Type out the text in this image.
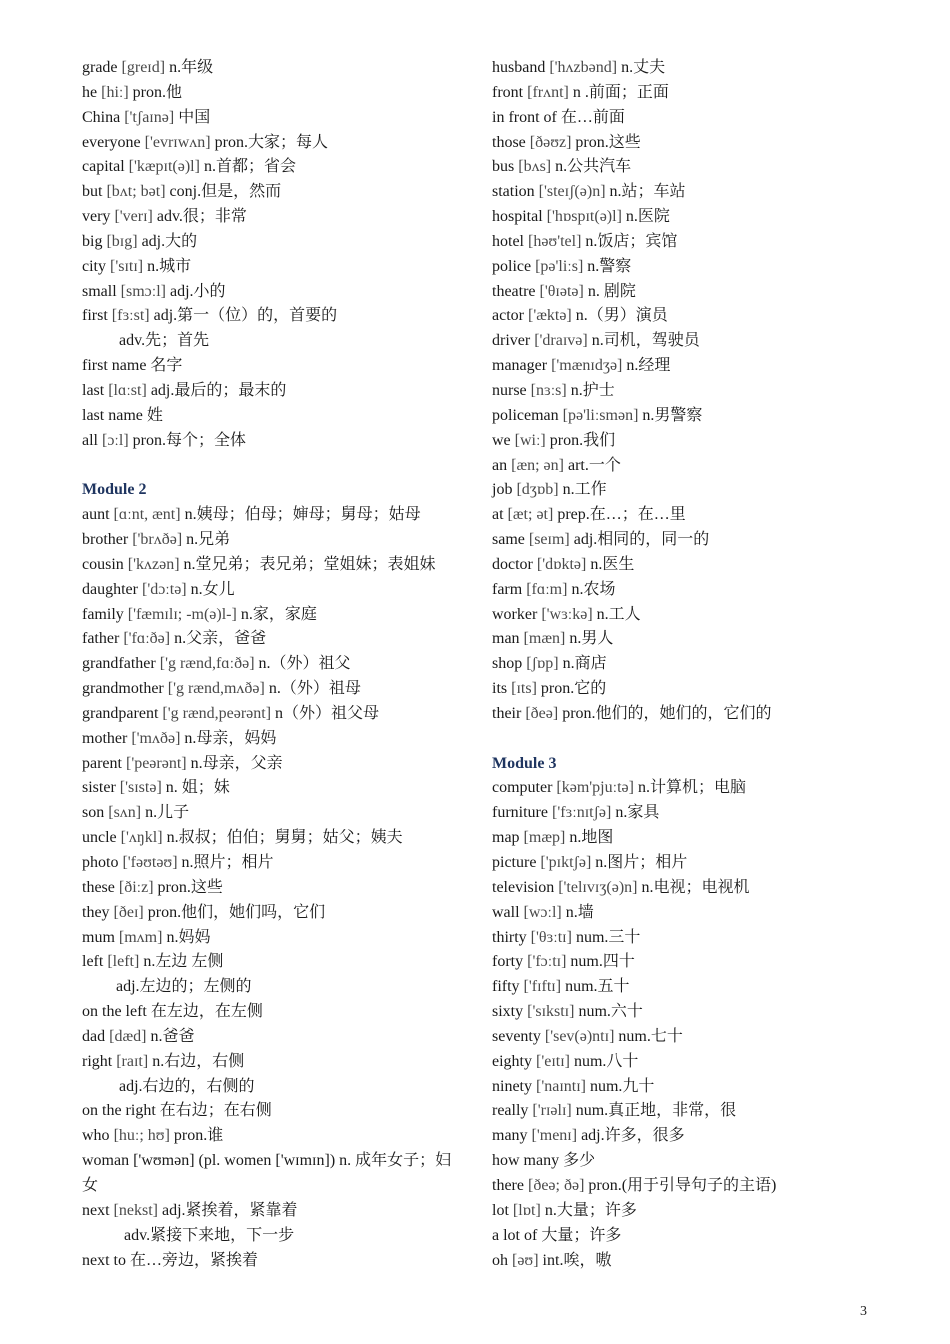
grade [greɪd] n.年级
he [hiː] pron.他
China ['tʃaɪnə] 中国
everyone ['evrɪwʌn] pron.大家；每人
capital ['kæpɪt(ə)l] n.首都；省会
but [bʌt; bət] conj.但是，然而
very ['verɪ] adv.很；非常
big [bɪg] adj.大的
city ['sɪtɪ] n.城市
small [smɔːl] adj.小的
first [fɜːst] adj.第一（位）的，首要的
adv.先；首先
first name 名字
last [lɑːst] adj.最后的；最末的
last name 姓
all [ɔːl] pron.每个；全体
Module 2
aunt [ɑːnt, ænt] n.姨母；伯母；婶母；舅母；姑母
brother ['brʌðə] n.兄弟
cousin ['kʌzən] n.堂兄弟；表兄弟；堂姐妹；表姐妹
daughter ['dɔːtə] n.女儿
family ['fæmɪlɪ; -m(ə)l-] n.家，家庭
father ['fɑːðə] n.父亲，爸爸
grandfather ['g rænd,fɑːðə] n.（外）祖父
grandmother ['g rænd,mʌðə] n.（外）祖母
grandparent ['g rænd,peərənt] n（外）祖父母
mother ['mʌðə] n.母亲，妈妈
parent ['peərənt] n.母亲，父亲
sister ['sɪstə] n. 姐；妹
son [sʌn] n.儿子
uncle ['ʌŋkl] n.叔叔；伯伯；舅舅；姑父；姨夫
photo ['fəʊtəʊ] n.照片；相片
these [ðiːz] pron.这些
they [ðeɪ] pron.他们，她们吗，它们
mum [mʌm] n.妈妈
left [left] n.左边 左侧
adj.左边的；左侧的
on the left 在左边，在左侧
dad [dæd] n.爸爸
right [raɪt] n.右边，右侧
adj.右边的，右侧的
on the right 在右边；在右侧
who [huː; hʊ] pron.谁
woman ['wʊmən] (pl. women ['wɪmɪn]) n. 成年女子；妇女
next [nekst] adj.紧挨着，紧靠着
adv.紧接下来地，下一步
next to 在…旁边，紧挨着
husband ['hʌzbənd] n.丈夫
front [frʌnt] n .前面；正面
in front of 在…前面
those [ðəʊz] pron.这些
bus [bʌs] n.公共汽车
station ['steɪʃ(ə)n] n.站；车站
hospital ['hɒspɪt(ə)l] n.医院
hotel [həʊ'tel] n.饭店；宾馆
police [pə'liːs] n.警察
theatre ['θɪətə] n. 剧院
actor ['æktə] n.（男）演员
driver ['draɪvə] n.司机，驾驶员
manager ['mænɪdʒə] n.经理
nurse [nɜːs] n.护士
policeman [pə'liːsmən] n.男警察
we [wiː] pron.我们
an [æn; ən] art.一个
job [dʒɒb] n.工作
at [æt; ət] prep.在…；在…里
same [seɪm] adj.相同的，同一的
doctor ['dɒktə] n.医生
farm [fɑːm] n.农场
worker ['wɜːkə] n.工人
man [mæn] n.男人
shop [ʃɒp] n.商店
its [ɪts] pron.它的
their [ðeə] pron.他们的，她们的，它们的
Module 3
computer [kəm'pjuːtə] n.计算机；电脑
furniture ['fɜːnɪtʃə] n.家具
map [mæp] n.地图
picture ['pɪktʃə] n.图片；相片
television ['telɪvɪʒ(ə)n] n.电视；电视机
wall [wɔːl] n.墙
thirty ['θɜːtɪ] num.三十
forty ['fɔːtɪ] num.四十
fifty ['fɪftɪ] num.五十
sixty ['sɪkstɪ] num.六十
seventy ['sev(ə)ntɪ] num.七十
eighty ['eɪtɪ] num.八十
ninety ['naɪntɪ] num.九十
really ['rɪəlɪ] num.真正地，非常，很
many ['menɪ] adj.许多，很多
how many 多少
there [ðeə; ðə] pron.(用于引导句子的主语)
lot [lɒt] n.大量；许多
a lot of 大量；许多
oh [əʊ] int.唉，嗷
3
